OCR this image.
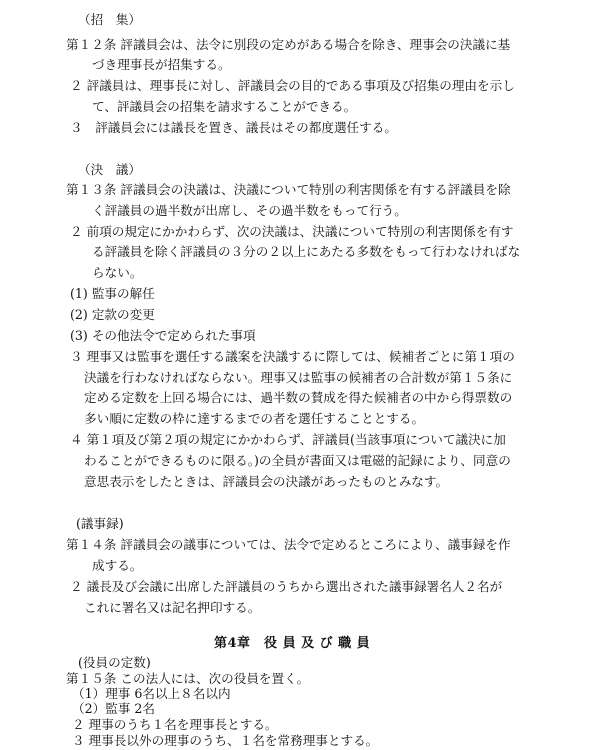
（招　集）
第１２条 評議員会は、法令に別段の定めがある場合を除き、理事会の決議に基
づき理事長が招集する。
２ 評議員は、理事長に対し、評議員会の目的である事項及び招集の理由を示し
て、評議員会の招集を請求することができる。
３　評議員会には議長を置き、議長はその都度選任する。
（決　議）
第１３条 評議員会の決議は、決議について特別の利害関係を有する評議員を除
く評議員の過半数が出席し、その過半数をもって行う。
２ 前項の規定にかかわらず、次の決議は、決議について特別の利害関係を有す
る評議員を除く評議員の３分の２以上にあたる多数をもって行わなければな
らない。
(1) 監事の解任
(2) 定款の変更
(3) その他法令で定められた事項
３ 理事又は監事を選任する議案を決議するに際しては、候補者ごとに第１項の
決議を行わなければならない。理事又は監事の候補者の合計数が第１５条に
定める定数を上回る場合には、過半数の賛成を得た候補者の中から得票数の
多い順に定数の枠に達するまでの者を選任することとする。
４ 第１項及び第２項の規定にかかわらず、評議員(当該事項について議決に加
わることができるものに限る。)の全員が書面又は電磁的記録により、同意の
意思表示をしたときは、評議員会の決議があったものとみなす。
(議事録)
第１４条 評議員会の議事については、法令で定めるところにより、議事録を作
成する。
２ 議長及び会議に出席した評議員のうちから選出された議事録署名人２名が
これに署名又は記名押印する。
第4章　役 員 及 び 職 員
(役員の定数)
第１５条 この法人には、次の役員を置く。
（1）理事 6名以上８名以内
（2）監事 2名
２ 理事のうち１名を理事長とする。
３ 理事長以外の理事のうち、１名を常務理事とする。
